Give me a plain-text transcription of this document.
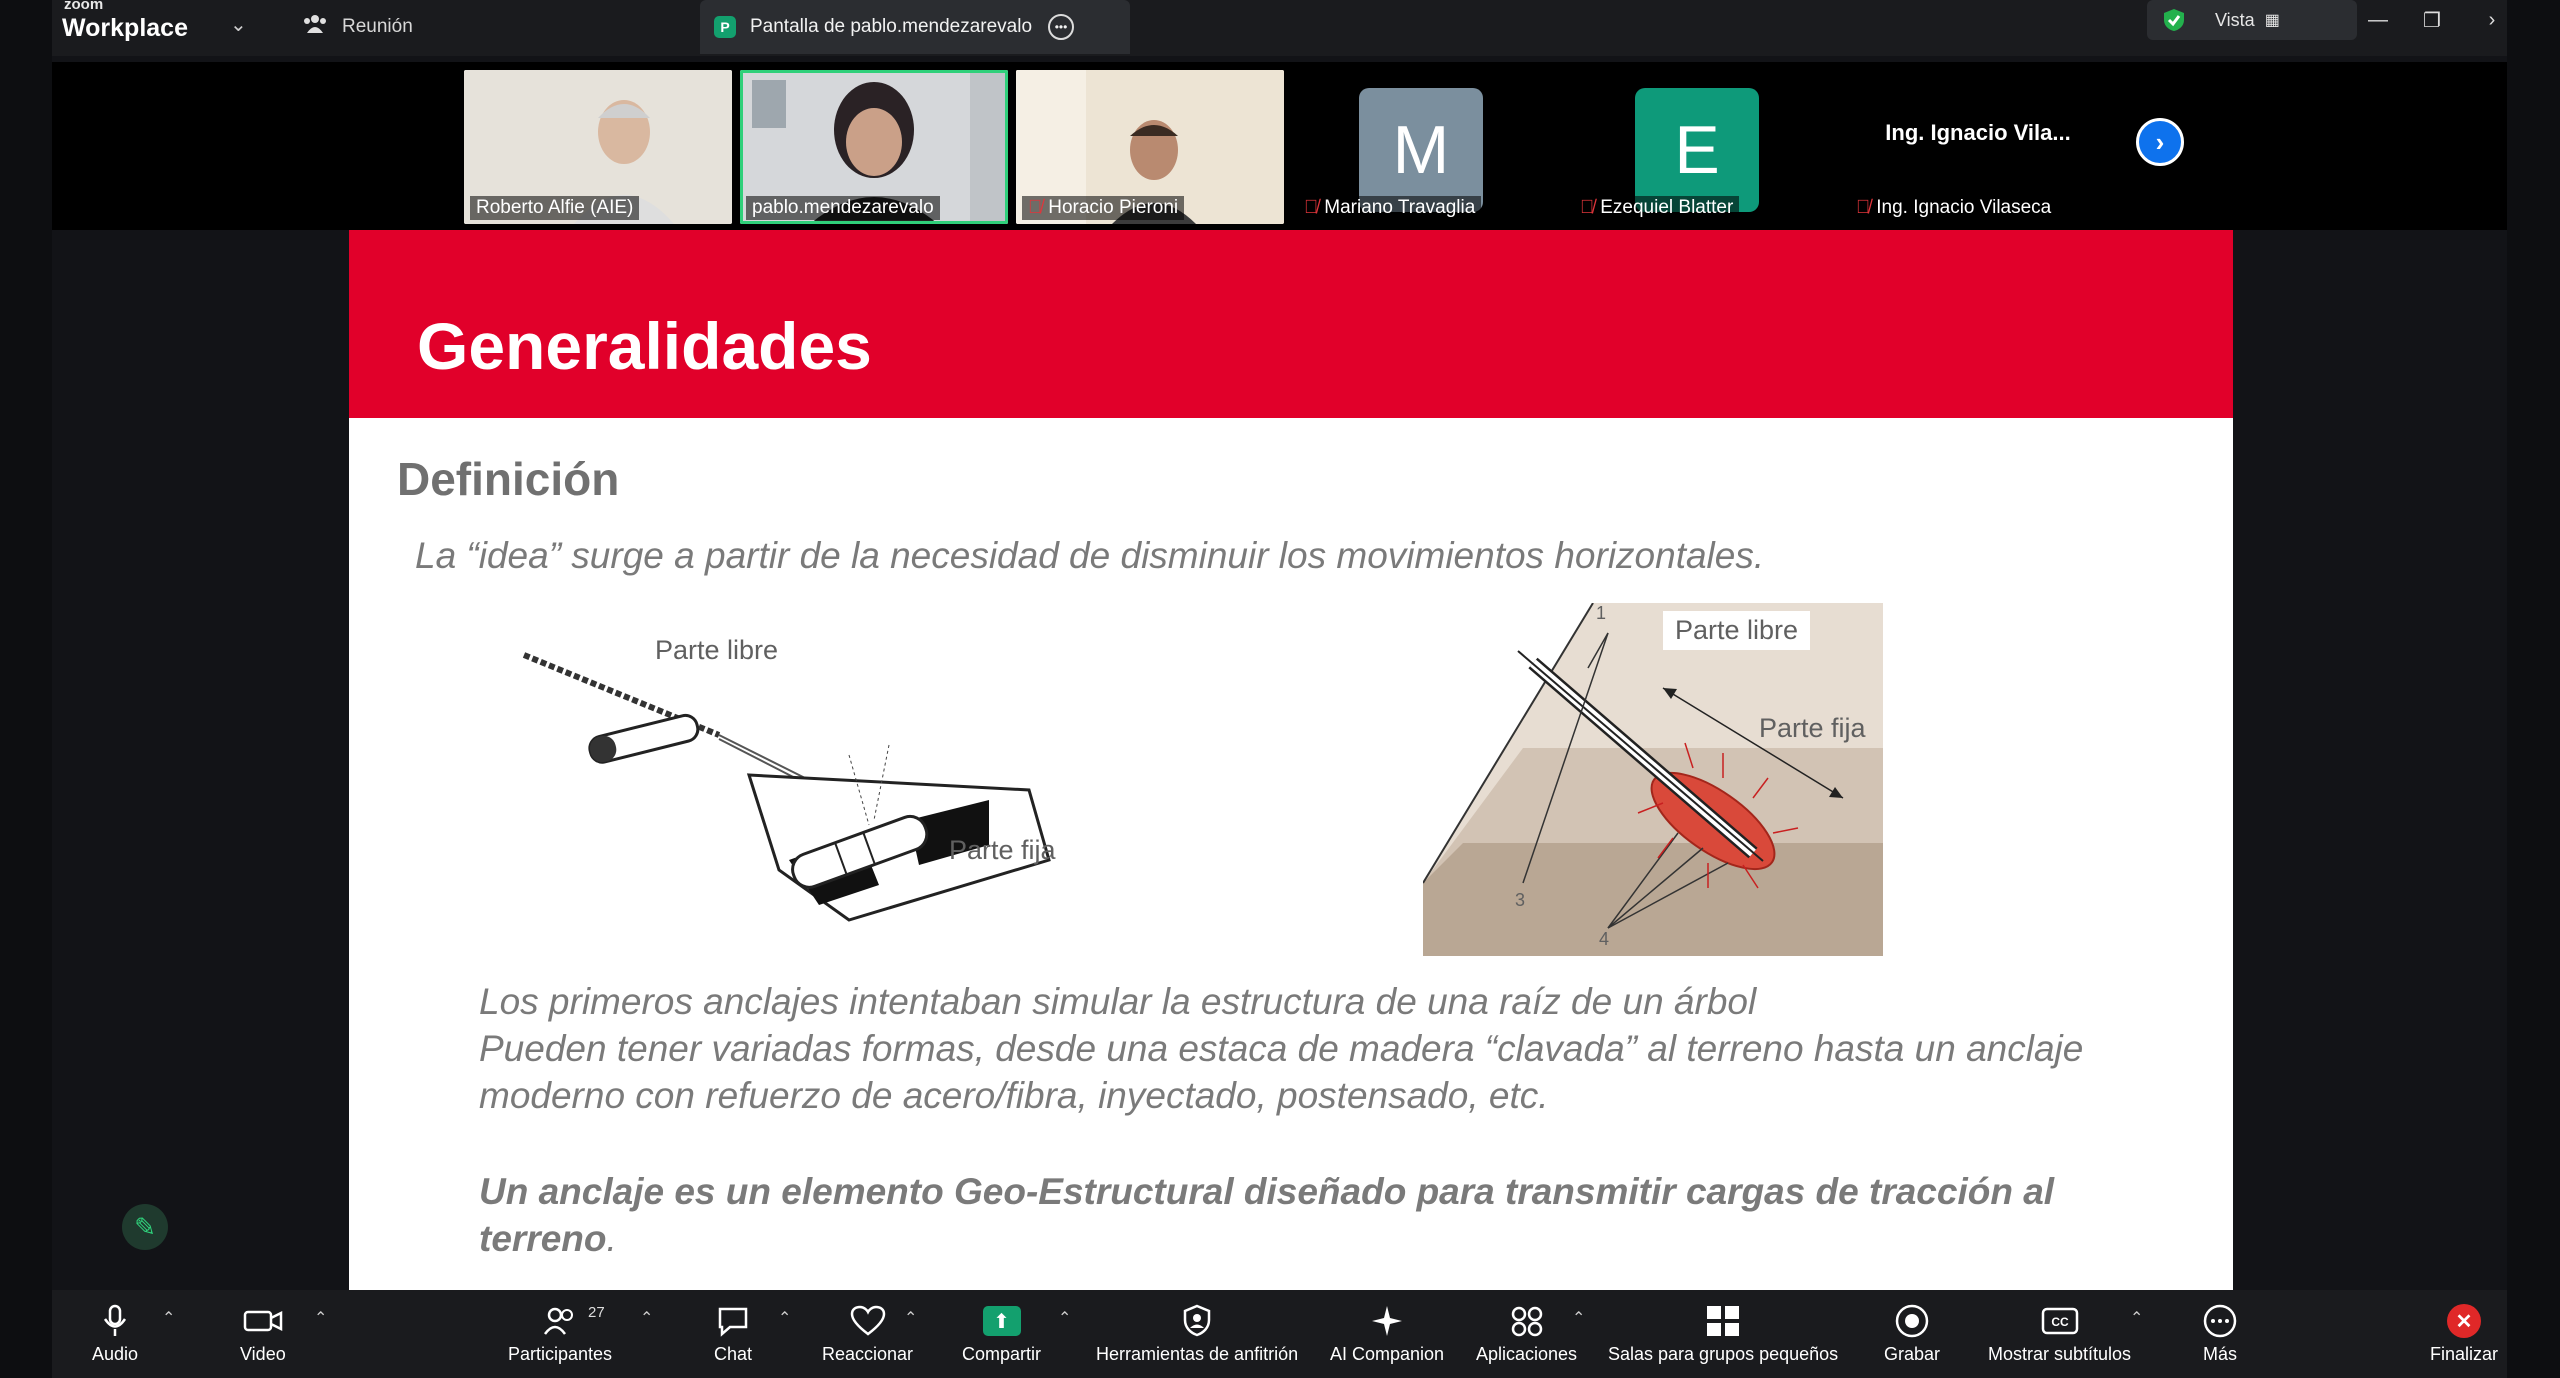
zoom
Workplace ⌄	Reunión	P	Pantalla de pablo.mendezarevalo	•••	Vista ▦	—	❐	›
Roberto Alfie (AIE)	pablo.mendezarevalo	🎙̸ Horacio Pieroni
M
🎙̸ Mariano Travaglia
E
🎙̸ Ezequiel Blatter
Ing. Ignacio Vila...
🎙̸ Ing. Ignacio Vilaseca
›
Generalidades
Definición
La “idea” surge a partir de la necesidad de disminuir los movimientos horizontales.
Parte libre
Parte fija
Parte libre
Parte fija
1
3
4
Los primeros anclajes intentaban simular la estructura de una raíz de un árbol
Pueden tener variadas formas, desde una estaca de madera “clavada” al terreno hasta un anclaje
moderno con refuerzo de acero/fibra, inyectado, postensado, etc.
Un anclaje es un elemento Geo-Estructural diseñado para transmitir cargas de tracción al
terreno.
✎
Audio
⌃
Video
⌃
Participantes
27 ⌃
Chat
⌃
Reaccionar
⌃	⬆
Compartir
⌃
Herramientas de anfitrión AI Companion Aplicaciones
⌃
Salas para grupos pequeños	Grabar
CC
Mostrar subtítulos
⌃
Más
✕
Finalizar
